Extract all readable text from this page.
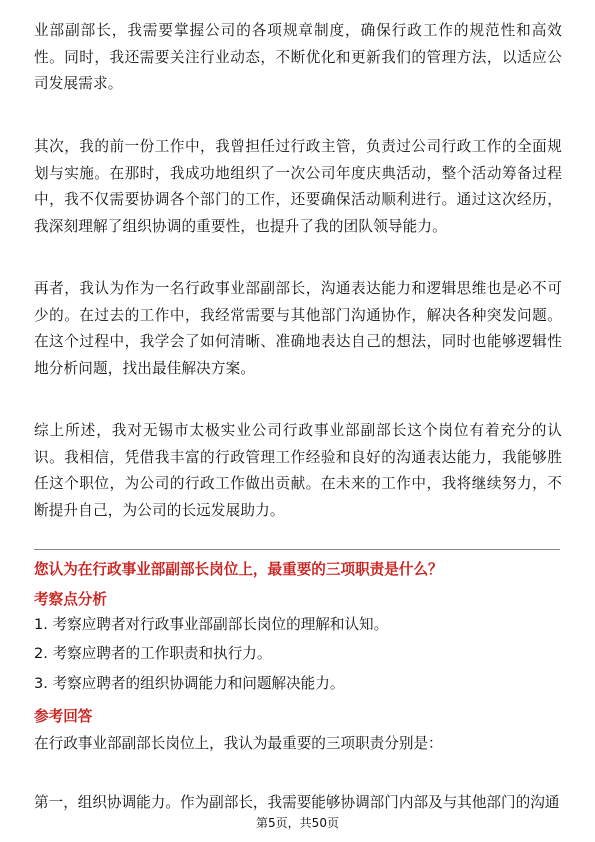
业部副部长，我需要掌握公司的各项规章制度，确保行政工作的规范性和高效性。同时，我还需要关注行业动态，不断优化和更新我们的管理方法，以适应公司发展需求。

其次，我的前一份工作中，我曾担任过行政主管，负责过公司行政工作的全面规划与实施。在那时，我成功地组织了一次公司年度庆典活动，整个活动筹备过程中，我不仅需要协调各个部门的工作，还要确保活动顺利进行。通过这次经历，我深刻理解了组织协调的重要性，也提升了我的团队领导能力。

再者，我认为作为一名行政事业部副部长，沟通表达能力和逻辑思维也是必不可少的。在过去的工作中，我经常需要与其他部门沟通协作，解决各种突发问题。在这个过程中，我学会了如何清晰、准确地表达自己的想法，同时也能够逻辑性地分析问题，找出最佳解决方案。

综上所述，我对无锡市太极实业公司行政事业部副部长这个岗位有着充分的认识。我相信，凭借我丰富的行政管理工作经验和良好的沟通表达能力，我能够胜任这个职位，为公司的行政工作做出贡献。在未来的工作中，我将继续努力，不断提升自己，为公司的长远发展助力。

您认为在行政事业部副部长岗位上，最重要的三项职责是什么？

考察点分析

1. 考察应聘者对行政事业部副部长岗位的理解和认知。

2. 考察应聘者的工作职责和执行力。

3. 考察应聘者的组织协调能力和问题解决能力。

参考回答

在行政事业部副部长岗位上，我认为最重要的三项职责分别是：

第一，组织协调能力。作为副部长，我需要能够协调部门内部及与其他部门的沟通

第5页，共50页
